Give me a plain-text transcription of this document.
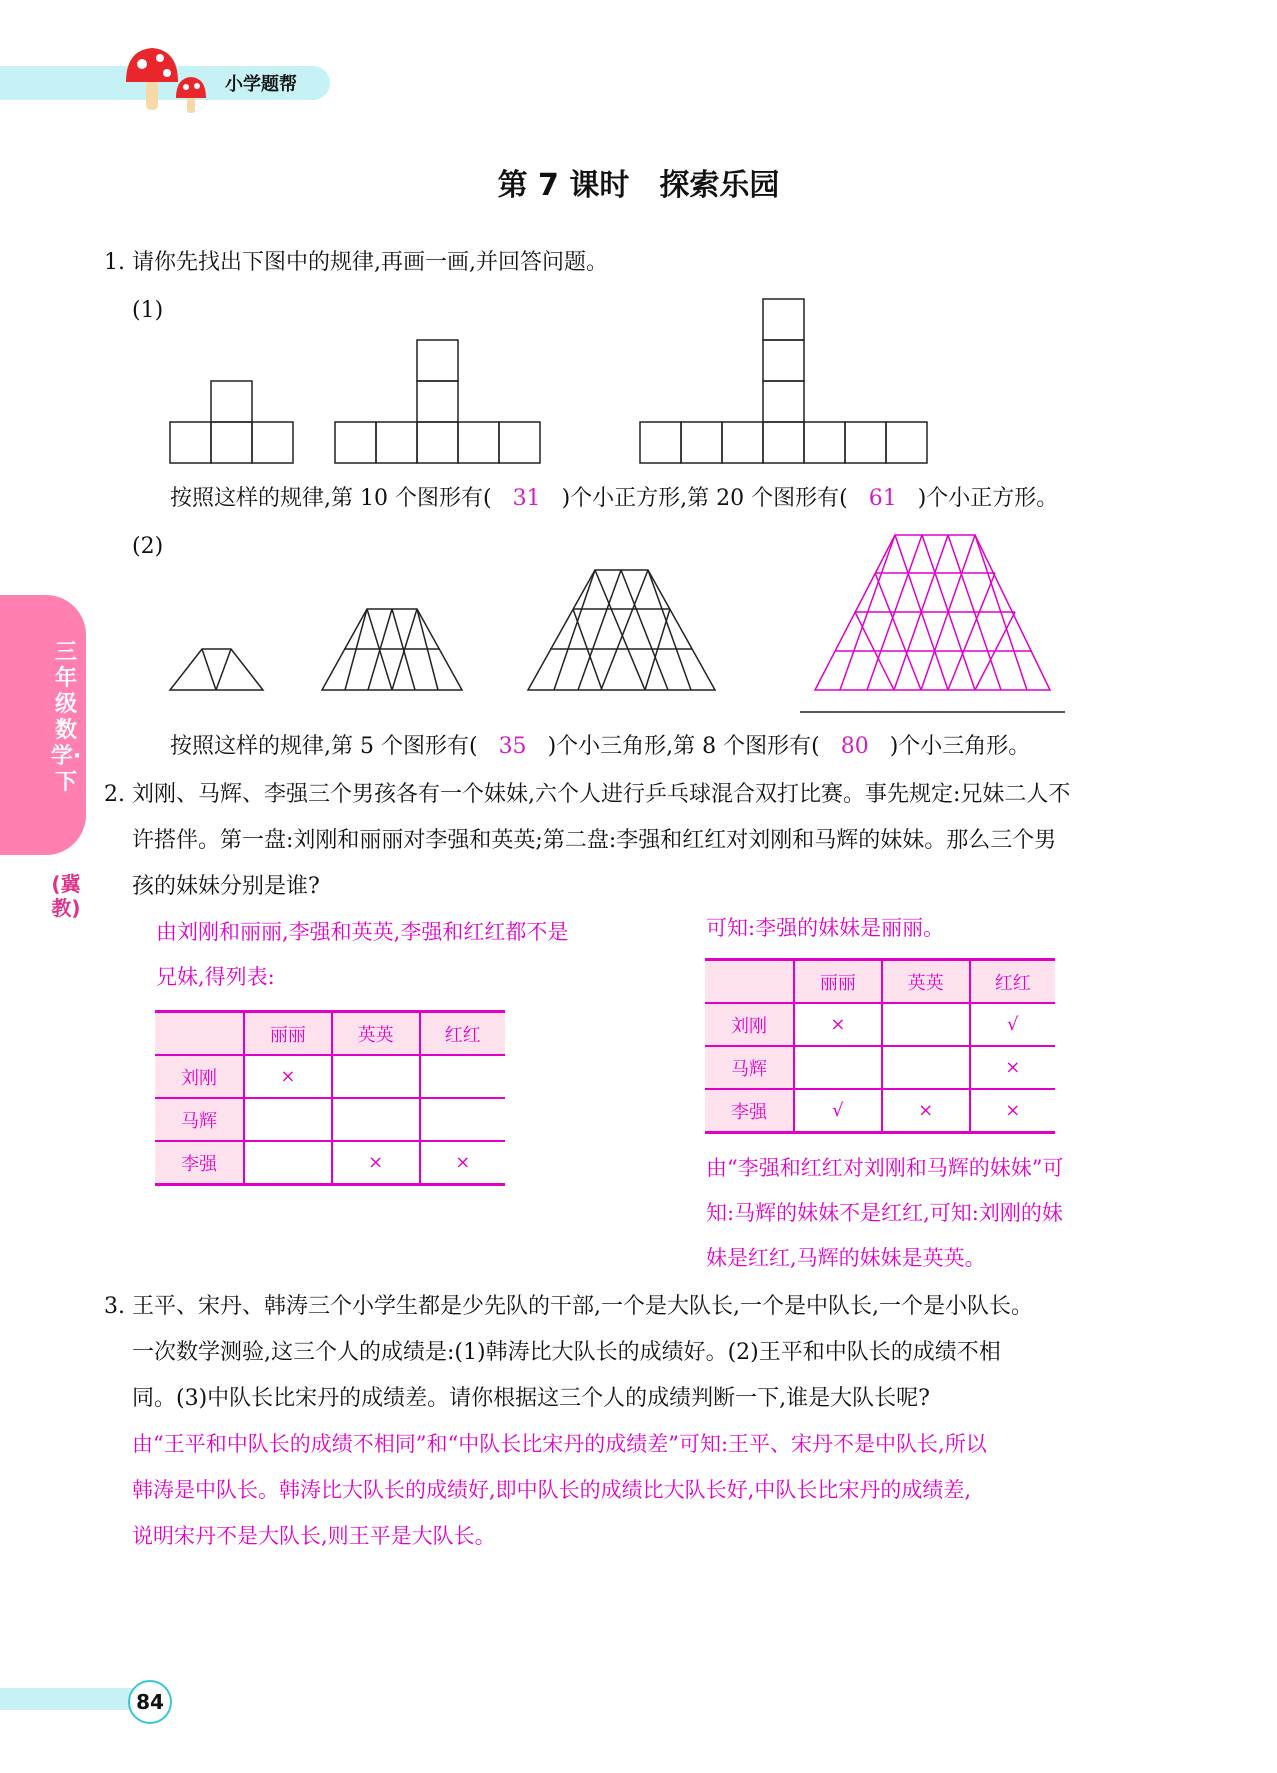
小学题帮
第 7 课时　探索乐园
三年级数学·下
(冀教)
1. 请你先找出下图中的规律,再画一画,并回答问题。
(1)
按照这样的规律,第 10 个图形有( 31 )个小正方形,第 20 个图形有( 61 )个小正方形。
(2)
按照这样的规律,第 5 个图形有( 35 )个小三角形,第 8 个图形有( 80 )个小三角形。
2. 刘刚、马辉、李强三个男孩各有一个妹妹,六个人进行乒乓球混合双打比赛。事先规定:兄妹二人不
许搭伴。第一盘:刘刚和丽丽对李强和英英;第二盘:李强和红红对刘刚和马辉的妹妹。那么三个男
孩的妹妹分别是谁?
由刘刚和丽丽,李强和英英,李强和红红都不是
兄妹,得列表:
可知:李强的妹妹是丽丽。
	丽丽	英英	红红
刘刚	×		
马辉			
李强		×	×
	丽丽	英英	红红
刘刚	×		√
马辉			×
李强	√	×	×
由“李强和红红对刘刚和马辉的妹妹”可
知:马辉的妹妹不是红红,可知:刘刚的妹
妹是红红,马辉的妹妹是英英。
3. 王平、宋丹、韩涛三个小学生都是少先队的干部,一个是大队长,一个是中队长,一个是小队长。
一次数学测验,这三个人的成绩是:(1)韩涛比大队长的成绩好。(2)王平和中队长的成绩不相
同。(3)中队长比宋丹的成绩差。请你根据这三个人的成绩判断一下,谁是大队长呢?
由“王平和中队长的成绩不相同”和“中队长比宋丹的成绩差”可知:王平、宋丹不是中队长,所以
韩涛是中队长。韩涛比大队长的成绩好,即中队长的成绩比大队长好,中队长比宋丹的成绩差,
说明宋丹不是大队长,则王平是大队长。
84
